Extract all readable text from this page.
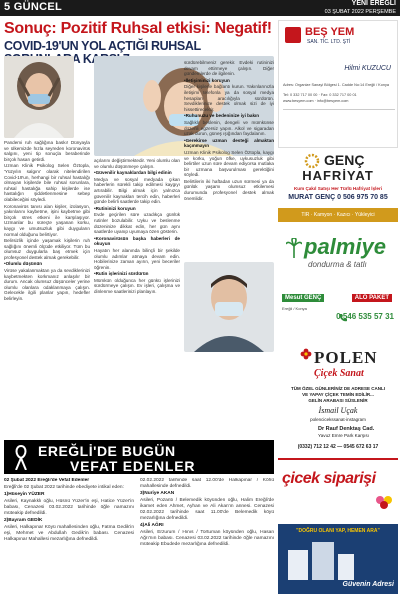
5 GÜNCEL	YENİ EREĞLİ
03 ŞUBAT 2022 PERŞEMBE
Sonuç: Pozitif Ruhsal etkisi: Negatif!
COVID-19'UN YOL AÇTIĞI RUHSAL

Pandemi ruh sağlığına baskı! Dünyayla ve ülkemizde hızla seyreden koronavirüs salgını, yeni tip sonuçla beraberinde birçok hasarı getirdi.

Uzman Klinik Psikolog Selen Öztopla, 'Yüzyılın salgını' olarak nitelendirilen Covid-19'un, herhangi bir ruhsal hastalığı olmayan kişilerde bile ruhsal sorunlara, ruhsal hastalığa sahip kişilerde ise hastalığın şiddetlenmesine sebep olabileceğini söyledi.

Koronavirüs tanısı alan kişiler, izolasyon, yakınlarını kaybetme, işini kaybetme gibi birçok stres etkeni ile karşılaşıyor. Uzmanlar bu süreçte yaşanan korku, kaygı ve umutsuzluk gibi duyguların normal olduğunu belirtiyor.

Belirsizlik içinde yaşamak kişilerin ruh sağlığını önemli ölçüde etkiliyor. Tüm bu olumsuz duygularla baş etmek için profesyonel destek almak gerekebilir.

•Olumlu düşünün

Virüse yakalanmaktan ya da sevdiklerinizi kaybetmekten korkmanız anlaşılır bir durum. Ancak olumsuz düşünceler yerine olumlu olanlara odaklanmaya çalışın. Gelecekle ilgili planlar yapın, hedefler belirleyin.

açılarını değiştirmektedir. Yeni olumlu olan ve olumlu düşünmeye çalışın.

•Güvenilir kaynaklardan bilgi edinin

Medya ve sosyal medyada çıkan haberlerin sürekli takip edilmesi kaygıyı artırabilir. Bilgi almak için yalnızca güvenilir kaynakları tercih edin, haberleri günde belirli saatlerde takip edin.

•Rutininizi koruyun

Evde geçirilen süre uzadıkça günlük rutinler bozulabilir. Uyku ve beslenme düzeninize dikkat edin, her gün aynı saatlerde uyanıp uyumaya özen gösterin.

•Koronavirüsün başka haberleri de okuyun

Hayatın her alanında bilinçli bir şekilde olumlu adımlar atmaya devam edin. Hobilerinize zaman ayırın, yeni beceriler öğrenin.

•Rutin işlerinizi sürdürün

Mümkün olduğunca her günkü işlerinizi sürdürmeye çalışın. Ev işleri, çalışma ve dinlenme saatlerinizi planlayın.

sürdürebilmeniz gerekir. Evdeki rutininizi devam ettirmeye çalışın. Diğer gündemlerde de ilgilenin.

•İletişiminizi koruyun

Diğer kişilerle bağlantı kurun. Yakınlarınızla iletişimi telefonla ya da sosyal medya hesapları aracılığıyla sürdürün. Sevdiklerinize destek olmak sizi de iyi hissettirecektir.

•Ruhunuzu ve bedeninize iyi bakın

Sağlıklı beslenin, dengeli ve mümkünse düzenli egzersiz yapın. Alkol ve sigaradan uzak durun, güneş ışığından faydalanın.

•Gerekirse uzman desteği almaktan kaçınmayın

Uzman Klinik Psikolog Selen Öztopla, kaygı ve korku, yoğun öfke, uykusuzluk gibi belirtiler uzun süre devam ediyorsa mutlaka bir uzmana başvurulması gerektiğini söyledi.

Belirtilerin iki haftadan uzun sürmesi ya da günlük yaşamı olumsuz etkilemesi durumunda profesyonel destek almak önemlidir.

EREĞLİ'DE BUGÜN
VEFAT EDENLER

02 Şubat 2022 Ereğli'de Vefat Edenler

Ereğli'de 02 Şubat 2022 tarihinde ebediyete intikal eden:

1)Hüseyin YÜZER

Asileri, Kaynakklı oğlu, Hüsnü Yüzer'in eşi, Hatice Yüzer'in babası, Cenazesi 03.02.2022 tarihinde öğle namazını müteakip defnedildi.

2)Bayram GEDİK

Asileri, Halkapınar Köyü mahallesinden oğlu, Fatma Gedik'in eşi, Mehmet ve Abdullah Gedik'in babası. Cenazesi Halkapınar Mahallesi mezarlığına defnedildi.

02.02.2022 tarihinde saat 12.00'de Halkapınar / Köhü mahallesinde defnedildi.

3)Nuriye AKAN

Asileri, Pozantı / Belemedik köyünden oğlu, Halim Ereğli'de ikamet eden Ahmet, Ayhan ve Ali Akan'ın annesi. Cenazesi 02.02.2022 tarihinde saat 11.00'de Belemedik köyü mezarlığına defnedildi.

4)Ali AĞRI

Asileri, Erzurum / Hınıs / Tortuman köyünden oğlu, Hasan Ağrı'nın babası. Cenazesi 03.02.2022 tarihinde öğle namazını müteakip Ebudede mezarlığına defnedildi.

BEŞ YEM
SAN. TİC. LTD. ŞTİ
Hilmi KUZUCU
Adres: Organize Sanayi Bölgesi 1. Cadde No:14 Ereğli / Konya
Tel: 0 332 717 00 00 · Fax: 0 332 717 00 01
www.besyem.com · info@besyem.com
GENÇ
HAFRİYAT
Kum Çakıl Satışı Her Türlü Hafriyat İşleri
MURAT GENÇ 0 506 975 70 85
TIR · Kamyon · Kazıcı · Yükleyici
palmiye
dondurma & tatlı
Mesut GENÇ	ALO PAKET
0 546 535 57 31
Ereğli / Konya
POLEN
Çiçek Sanat
TÜM ÖZEL GÜNLERİNİZ DE ADRESE CANLI
VE YAPAY ÇİÇEK TEMİN EDİLİR...
GELİN ARABASI SÜSLENİR
İsmail Uçak
polencicekssanat·instagram
Dr Rauf Denktaş Cad.
Yavuz Emre Park Karşısı
(0332) 712 12 42 — 0545 672 63 17
çicek siparişi
"DOĞRU OLANI YAP, HEMEN ARA"
Güvenin Adresi
